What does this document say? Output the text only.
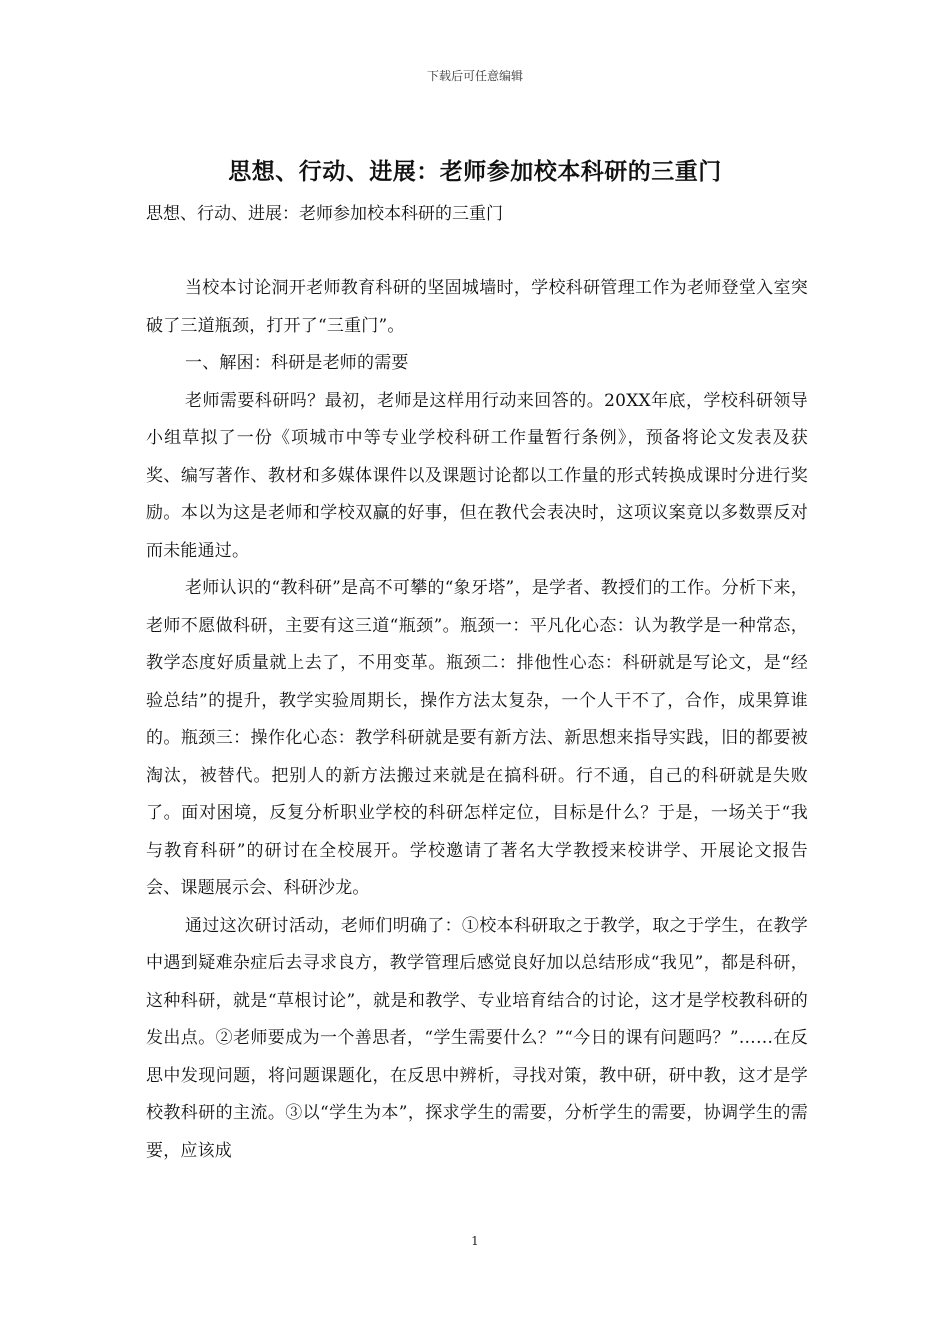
下载后可任意编辑
思想、行动、进展：老师参加校本科研的三重门
思想、行动、进展：老师参加校本科研的三重门

当校本讨论洞开老师教育科研的坚固城墙时，学校科研管理工作为老师登堂入室突破了三道瓶颈，打开了“三重门”。

一、解困：科研是老师的需要

老师需要科研吗？最初，老师是这样用行动来回答的。20XX年底，学校科研领导小组草拟了一份《项城市中等专业学校科研工作量暂行条例》，预备将论文发表及获奖、编写著作、教材和多媒体课件以及课题讨论都以工作量的形式转换成课时分进行奖励。本以为这是老师和学校双赢的好事，但在教代会表决时，这项议案竟以多数票反对而未能通过。

老师认识的“教科研”是高不可攀的“象牙塔”，是学者、教授们的工作。分析下来，老师不愿做科研，主要有这三道“瓶颈”。瓶颈一：平凡化心态：认为教学是一种常态，教学态度好质量就上去了，不用变革。瓶颈二：排他性心态：科研就是写论文，是“经验总结”的提升，教学实验周期长，操作方法太复杂，一个人干不了，合作，成果算谁的。瓶颈三：操作化心态：教学科研就是要有新方法、新思想来指导实践，旧的都要被淘汰，被替代。把别人的新方法搬过来就是在搞科研。行不通，自己的科研就是失败了。面对困境，反复分析职业学校的科研怎样定位，目标是什么？于是，一场关于“我与教育科研”的研讨在全校展开。学校邀请了著名大学教授来校讲学、开展论文报告会、课题展示会、科研沙龙。

通过这次研讨活动，老师们明确了：①校本科研取之于教学，取之于学生，在教学中遇到疑难杂症后去寻求良方，教学管理后感觉良好加以总结形成“我见”，都是科研，这种科研，就是“草根讨论”，就是和教学、专业培育结合的讨论，这才是学校教科研的发出点。②老师要成为一个善思者，“学生需要什么？”“今日的课有问题吗？”……在反思中发现问题，将问题课题化，在反思中辨析，寻找对策，教中研，研中教，这才是学校教科研的主流。③以“学生为本”，探求学生的需要，分析学生的需要，协调学生的需要，应该成

1
